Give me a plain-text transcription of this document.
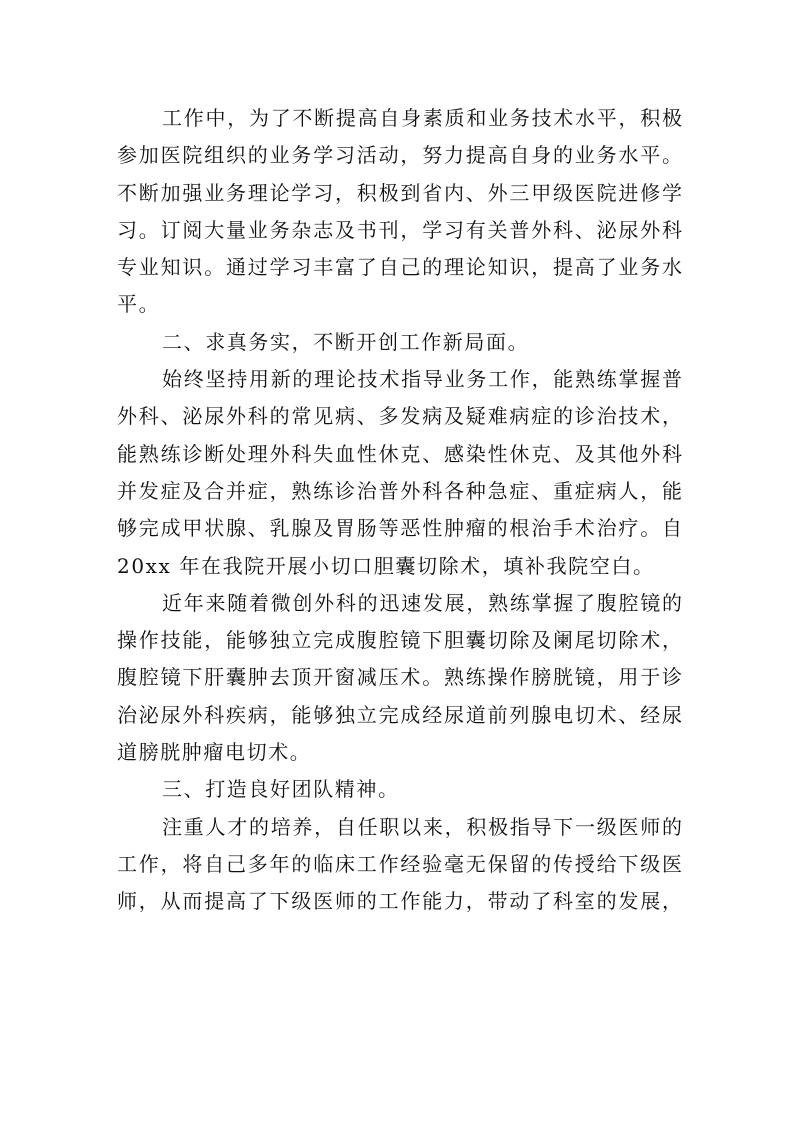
工作中，为了不断提高自身素质和业务技术水平，积极
参加医院组织的业务学习活动，努力提高自身的业务水平。
不断加强业务理论学习，积极到省内、外三甲级医院进修学
习。订阅大量业务杂志及书刊，学习有关普外科、泌尿外科
专业知识。通过学习丰富了自己的理论知识，提高了业务水
平。
二、求真务实，不断开创工作新局面。
始终坚持用新的理论技术指导业务工作，能熟练掌握普
外科、泌尿外科的常见病、多发病及疑难病症的诊治技术，
能熟练诊断处理外科失血性休克、感染性休克、及其他外科
并发症及合并症，熟练诊治普外科各种急症、重症病人，能
够完成甲状腺、乳腺及胃肠等恶性肿瘤的根治手术治疗。自
20xx 年在我院开展小切口胆囊切除术，填补我院空白。
近年来随着微创外科的迅速发展，熟练掌握了腹腔镜的
操作技能，能够独立完成腹腔镜下胆囊切除及阑尾切除术，
腹腔镜下肝囊肿去顶开窗减压术。熟练操作膀胱镜，用于诊
治泌尿外科疾病，能够独立完成经尿道前列腺电切术、经尿
道膀胱肿瘤电切术。
三、打造良好团队精神。
注重人才的培养，自任职以来，积极指导下一级医师的
工作，将自己多年的临床工作经验毫无保留的传授给下级医
师，从而提高了下级医师的工作能力，带动了科室的发展，
